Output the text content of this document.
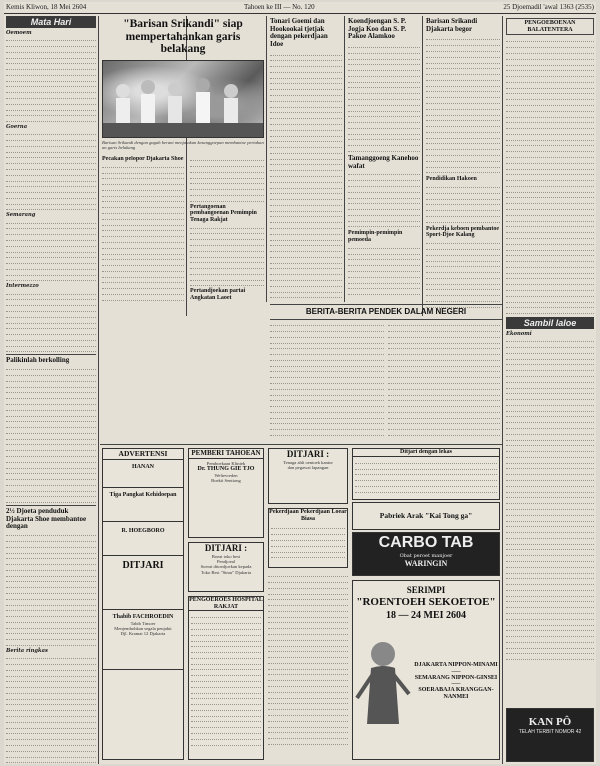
Kemis Kliwon, 18 Mei 2604	Tahoen ke III — No. 120	25 Djoemadil 'awal 1363 (2535)
Mata Hari
Oemoem
Goerna
Semarang
Intermezzo
Palikinlah berkolling
2½ Djoeta penduduk Djakarta Shoe membantoe dengan
Berita ringkas
"Barisan Srikandi" siap mempertahankan garis belakang
Barisan Srikandi dengan gagah berani menjatakan kesanggoepan membantoe pertahanan garis belakang
Pecakan pelopor Djakarta Shoe
Pertangoenan pembangoenan Pemimpin Tenaga Rakjat
Pertandjoekan partai Angkatan Laoet
Tonari Goemi dan Hookookai tjetjak dengan pekerdjaan Idoe
Koendjoengan S. P. Jogja Koo dan S. P. Pakoe Alamkoo
Tamanggoeng Kanehoo wafat
Pemimpin-pemimpin pemoeda
Barisan Srikandi Djakarta begor
Pendidikan Hakoen
Pekerdja keboen pembantoe Sport-Djoe Kalang
PENGOEBOENAN BALATENTERA
Sambil laloe
Ekonomi
KAN PÔ
TELAH TERBIT NOMOR 42
BERITA-BERITA PENDEK DALAM NEGERI
ADVERTENSI
HANAN
Tiga Pangkat Kehidoepan
R. HOEGBORO
DITJARI
Thabib FACHROEDIN
Tabib Timoer
Menjembohkan segala penjakit
Djl. Kramat 12 Djakarta
PEMBERI TAHOEAN
Pemboekaan Kliniek
Dr. THUNG GIE TJO
Weltevreden
Boekit Sentiong
DITJARI :
Boeat toko besi
Pendjoeal
Soerat ditoedjoekan kepada
Toko Besi "Sinar" Djakarta
PENGOEROES HOSPITAL RAKJAT
DITJARI :
Tenaga ahli oentoek kantor
dan pegawai lapangan
Pekerdjaan Pekerdjaan Loear Biasa
Ditjari dengan lekas
Pabriek Arak "Kai Tong ga"
CARBO TAB
Obat peroet manjoer
WARINGIN
SERIMPI
"ROENTOEH SEKOETOE"
18 — 24 MEI 2604
DJAKARTA NIPPON-MINAMI
───
SEMARANG NIPPON-GINSEI
───
SOERABAJA KRANGGAN-NANMEI
